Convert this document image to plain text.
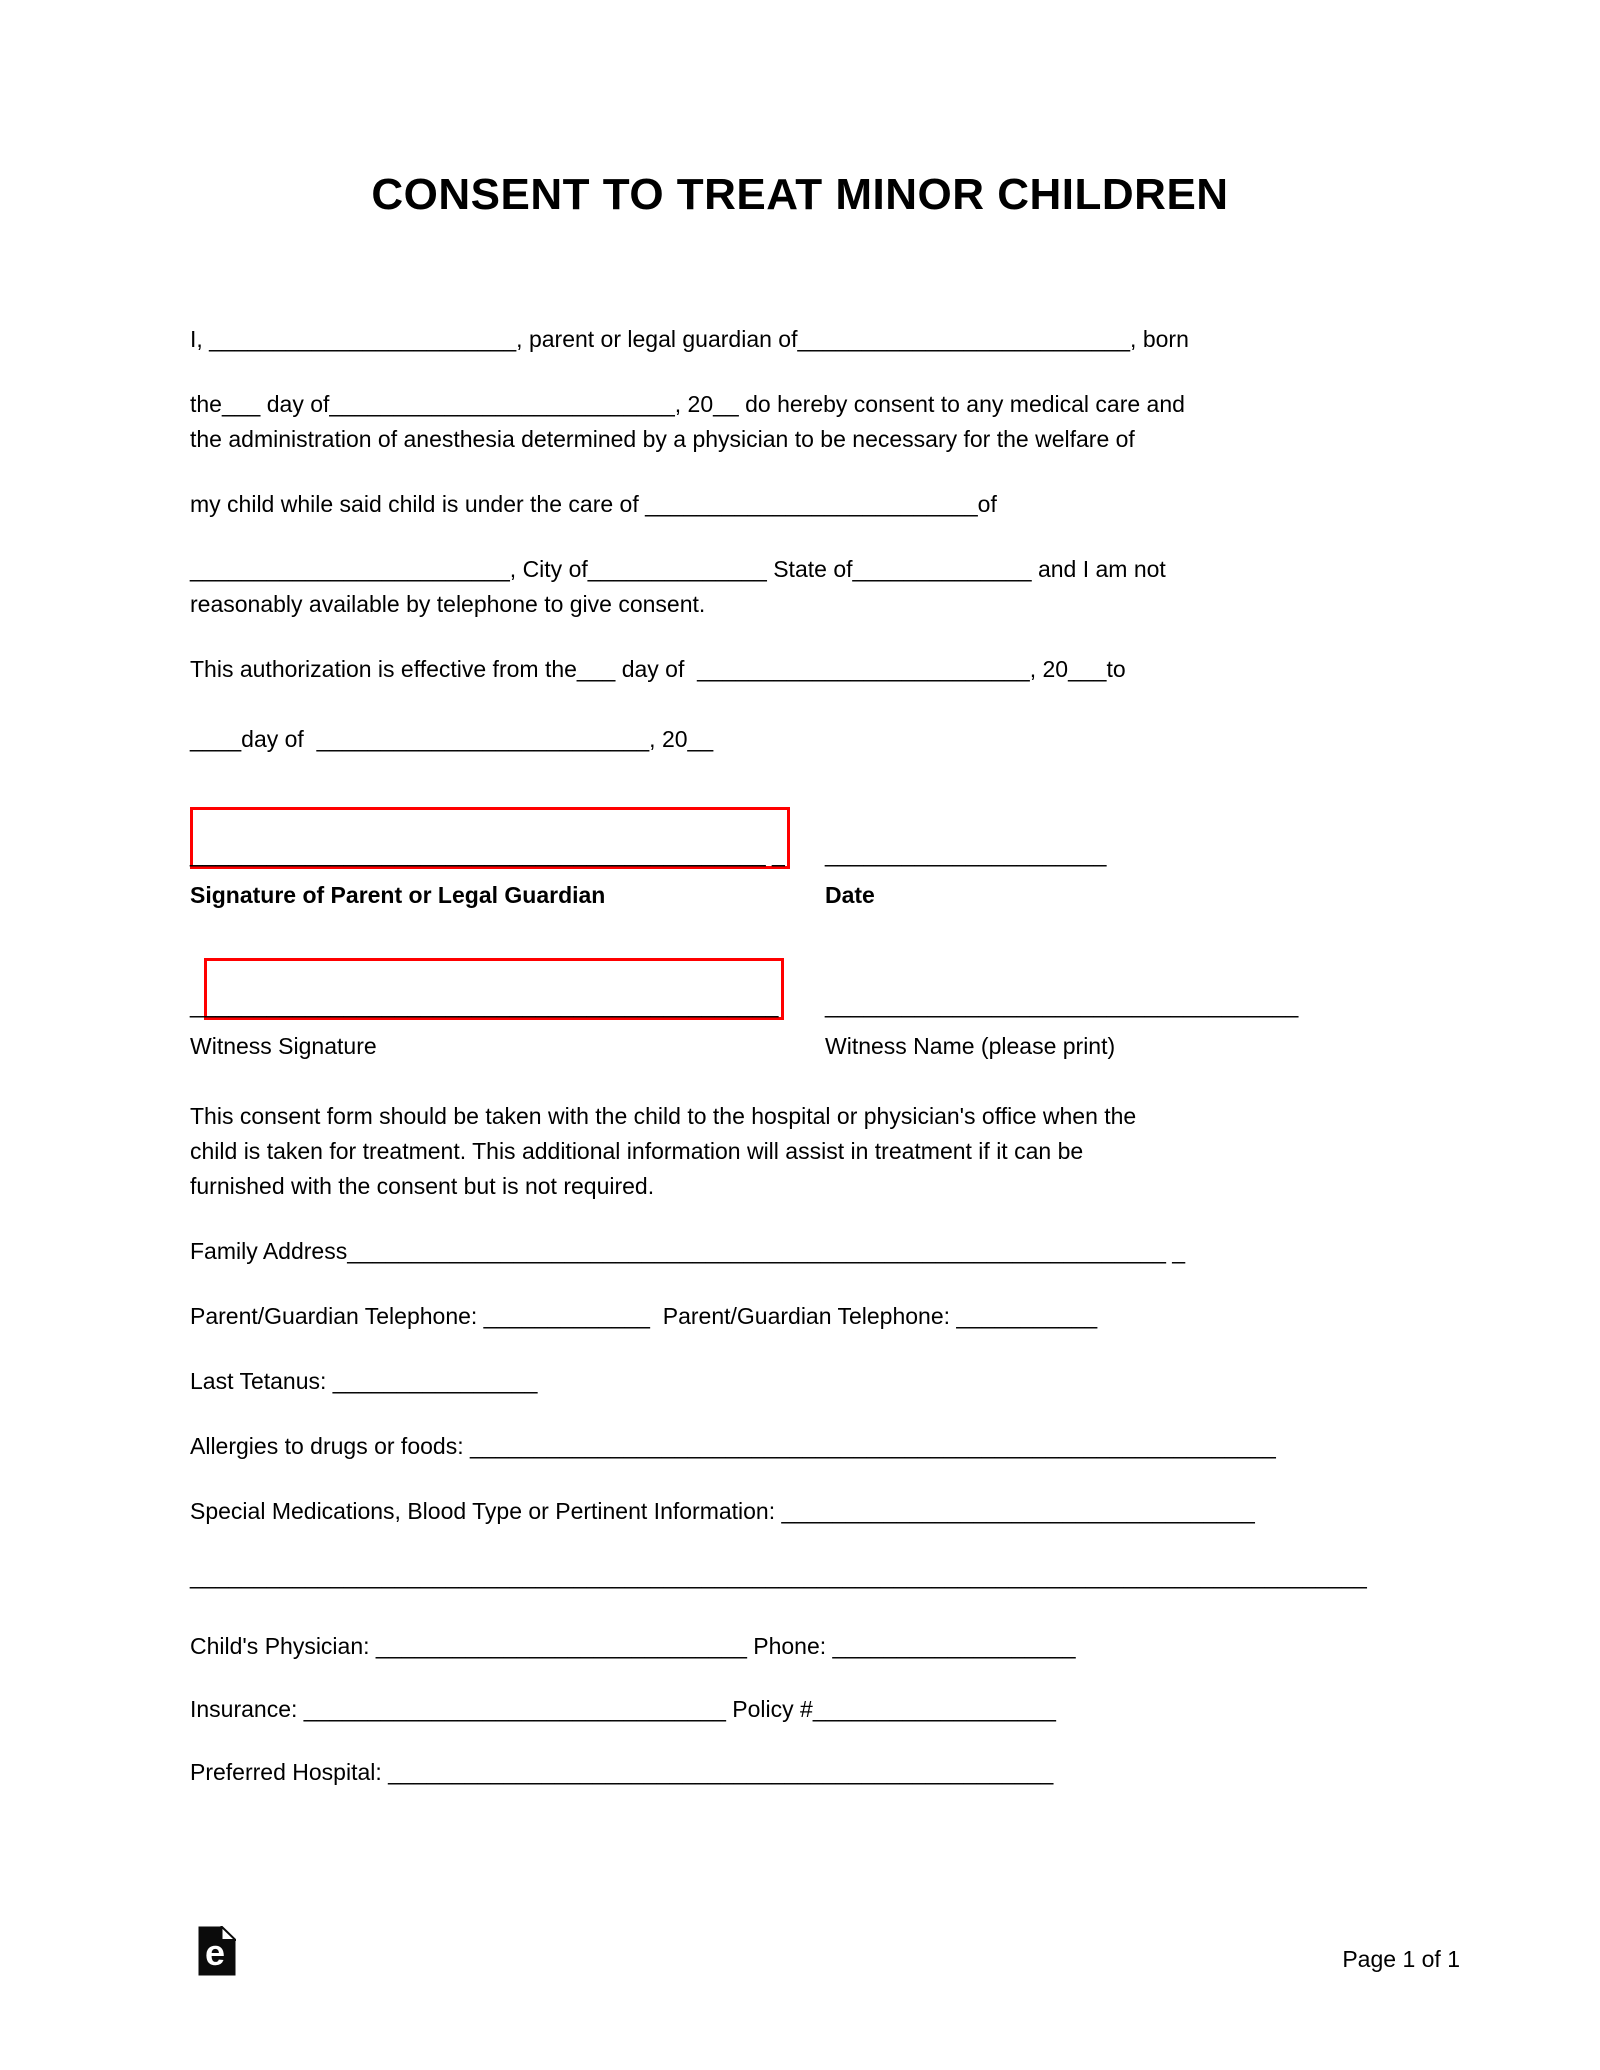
CONSENT TO TREAT MINOR CHILDREN

I, ________________________, parent or legal guardian of__________________________, born

the___ day of___________________________, 20__ do hereby consent to any medical care and

the administration of anesthesia determined by a physician to be necessary for the welfare of

my child while said child is under the care of __________________________of

_________________________, City of______________ State of______________ and I am not

reasonably available by telephone to give consent.

This authorization is effective from the___ day of  __________________________, 20___to

____day of  __________________________, 20__

_____________________________________________ _

Signature of Parent or Legal Guardian

______________________

Date

______________________________________________

Witness Signature

_____________________________________

Witness Name (please print)

This consent form should be taken with the child to the hospital or physician's office when the

child is taken for treatment. This additional information will assist in treatment if it can be

furnished with the consent but is not required.

Family Address________________________________________________________________ _

Parent/Guardian Telephone: _____________  Parent/Guardian Telephone: ___________

Last Tetanus: ________________

Allergies to drugs or foods: _______________________________________________________________

Special Medications, Blood Type or Pertinent Information: _____________________________________

____________________________________________________________________________________________

Child's Physician: _____________________________ Phone: ___________________

Insurance: _________________________________ Policy #___________________

Preferred Hospital: ____________________________________________________

e	Page 1 of 1
